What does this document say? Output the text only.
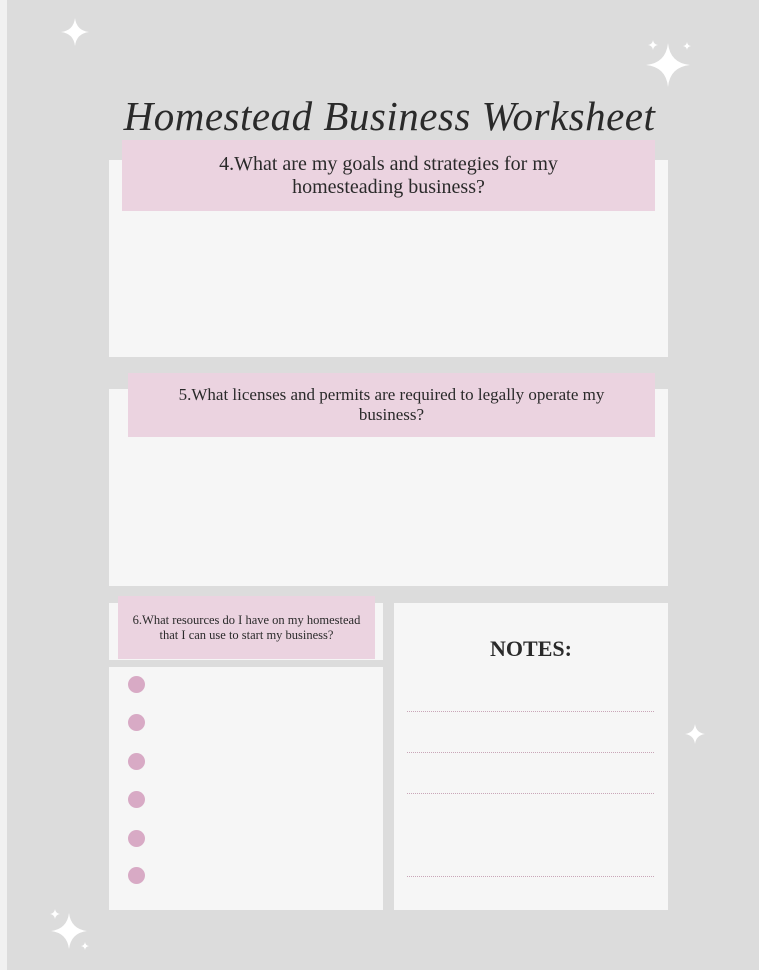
Homestead Business Worksheet
4.What are my goals and strategies for my homesteading business?
5.What licenses and permits are required to legally operate my business?
6.What resources do I have on my homestead that I can use to start my business?
NOTES:
